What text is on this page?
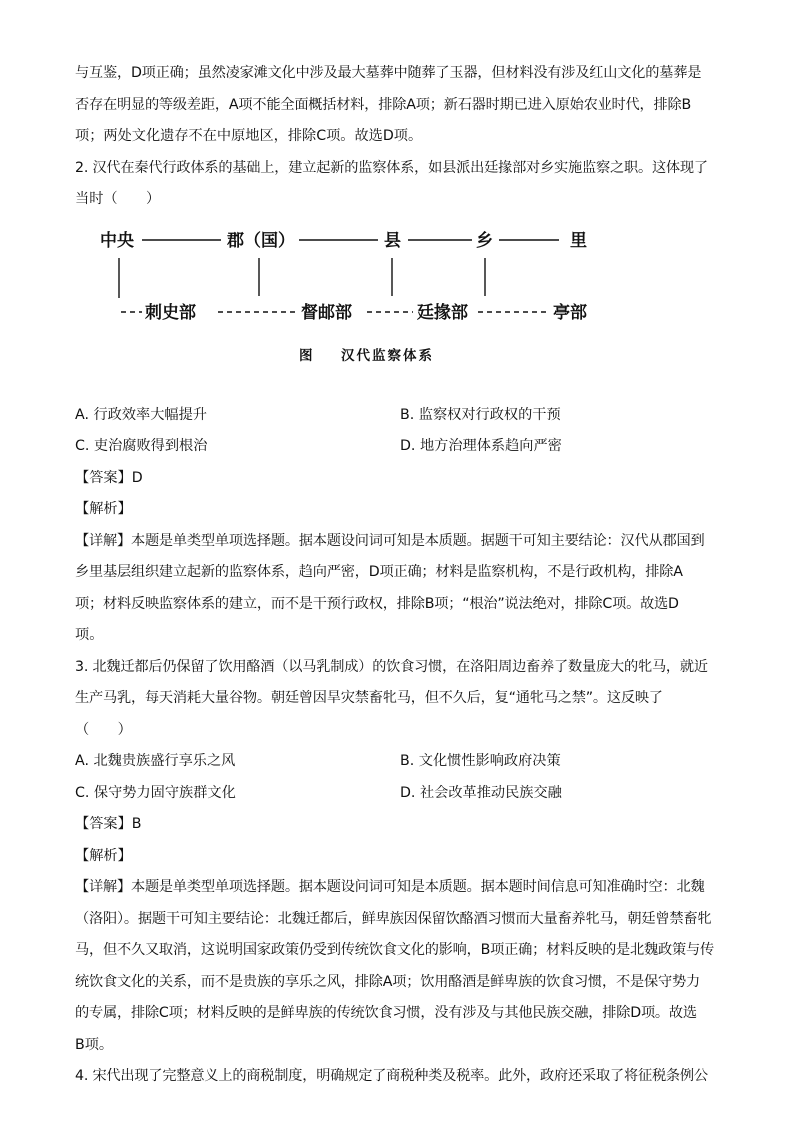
与互鉴，D项正确；虽然凌家滩文化中涉及最大墓葬中随葬了玉器，但材料没有涉及红山文化的墓葬是

否存在明显的等级差距，A项不能全面概括材料，排除A项；新石器时期已进入原始农业时代，排除B

项；两处文化遗存不在中原地区，排除C项。故选D项。

2. 汉代在秦代行政体系的基础上，建立起新的监察体系，如县派出廷掾部对乡实施监察之职。这体现了

当时（　　）

中央	郡（国）	县	乡	里
刺史部	督邮部	廷掾部	亭部
图 汉代监察体系
A. 行政效率大幅提升	B. 监察权对行政权的干预
C. 吏治腐败得到根治	D. 地方治理体系趋向严密
【答案】D
【解析】

【详解】本题是单类型单项选择题。据本题设问词可知是本质题。据题干可知主要结论：汉代从郡国到

乡里基层组织建立起新的监察体系，趋向严密，D项正确；材料是监察机构，不是行政机构，排除A

项；材料反映监察体系的建立，而不是干预行政权，排除B项；“根治”说法绝对，排除C项。故选D

项。

3. 北魏迁都后仍保留了饮用酪酒（以马乳制成）的饮食习惯，在洛阳周边畜养了数量庞大的牝马，就近

生产马乳，每天消耗大量谷物。朝廷曾因旱灾禁畜牝马，但不久后，复“通牝马之禁”。这反映了

（　　）

A. 北魏贵族盛行享乐之风	B. 文化惯性影响政府决策
C. 保守势力固守族群文化	D. 社会改革推动民族交融
【答案】B
【解析】

【详解】本题是单类型单项选择题。据本题设问词可知是本质题。据本题时间信息可知准确时空：北魏

（洛阳）。据题干可知主要结论：北魏迁都后，鲜卑族因保留饮酪酒习惯而大量畜养牝马，朝廷曾禁畜牝

马，但不久又取消，这说明国家政策仍受到传统饮食文化的影响，B项正确；材料反映的是北魏政策与传

统饮食文化的关系，而不是贵族的享乐之风，排除A项；饮用酪酒是鲜卑族的饮食习惯，不是保守势力

的专属，排除C项；材料反映的是鲜卑族的传统饮食习惯，没有涉及与其他民族交融，排除D项。故选

B项。

4. 宋代出现了完整意义上的商税制度，明确规定了商税种类及税率。此外，政府还采取了将征税条例公
